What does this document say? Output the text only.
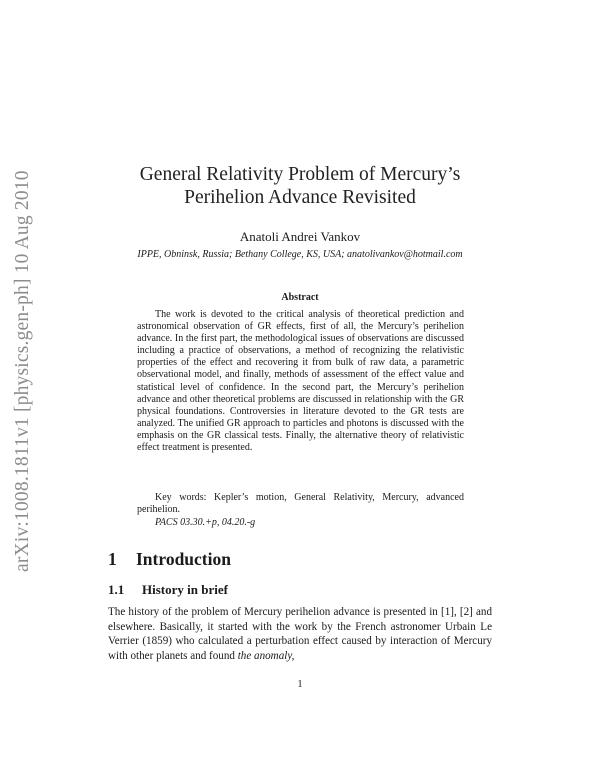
arXiv:1008.1811v1 [physics.gen-ph] 10 Aug 2010	General Relativity Problem of Mercury’s
Perihelion Advance Revisited
Anatoli Andrei Vankov
IPPE, Obninsk, Russia; Bethany College, KS, USA; anatolivankov@hotmail.com
Abstract
The work is devoted to the critical analysis of theoretical prediction and astronomical observation of GR effects, first of all, the Mercury’s perihelion advance. In the first part, the methodological issues of observations are discussed including a practice of observations, a method of recognizing the relativistic properties of the effect and recovering it from bulk of raw data, a parametric observational model, and finally, methods of assessment of the effect value and statistical level of confidence. In the second part, the Mercury’s perihelion advance and other theoretical problems are discussed in relationship with the GR physical foundations. Controversies in literature devoted to the GR tests are analyzed. The unified GR approach to particles and photons is discussed with the emphasis on the GR classical tests. Finally, the alternative theory of relativistic effect treatment is presented.
Key words: Kepler’s motion, General Relativity, Mercury, advanced perihelion.
PACS 03.30.+p, 04.20.-g
1 Introduction
1.1 History in brief
The history of the problem of Mercury perihelion advance is presented in [1], [2] and elsewhere. Basically, it started with the work by the French astronomer Urbain Le Verrier (1859) who calculated a perturbation effect caused by interaction of Mercury with other planets and found the anomaly,
1
